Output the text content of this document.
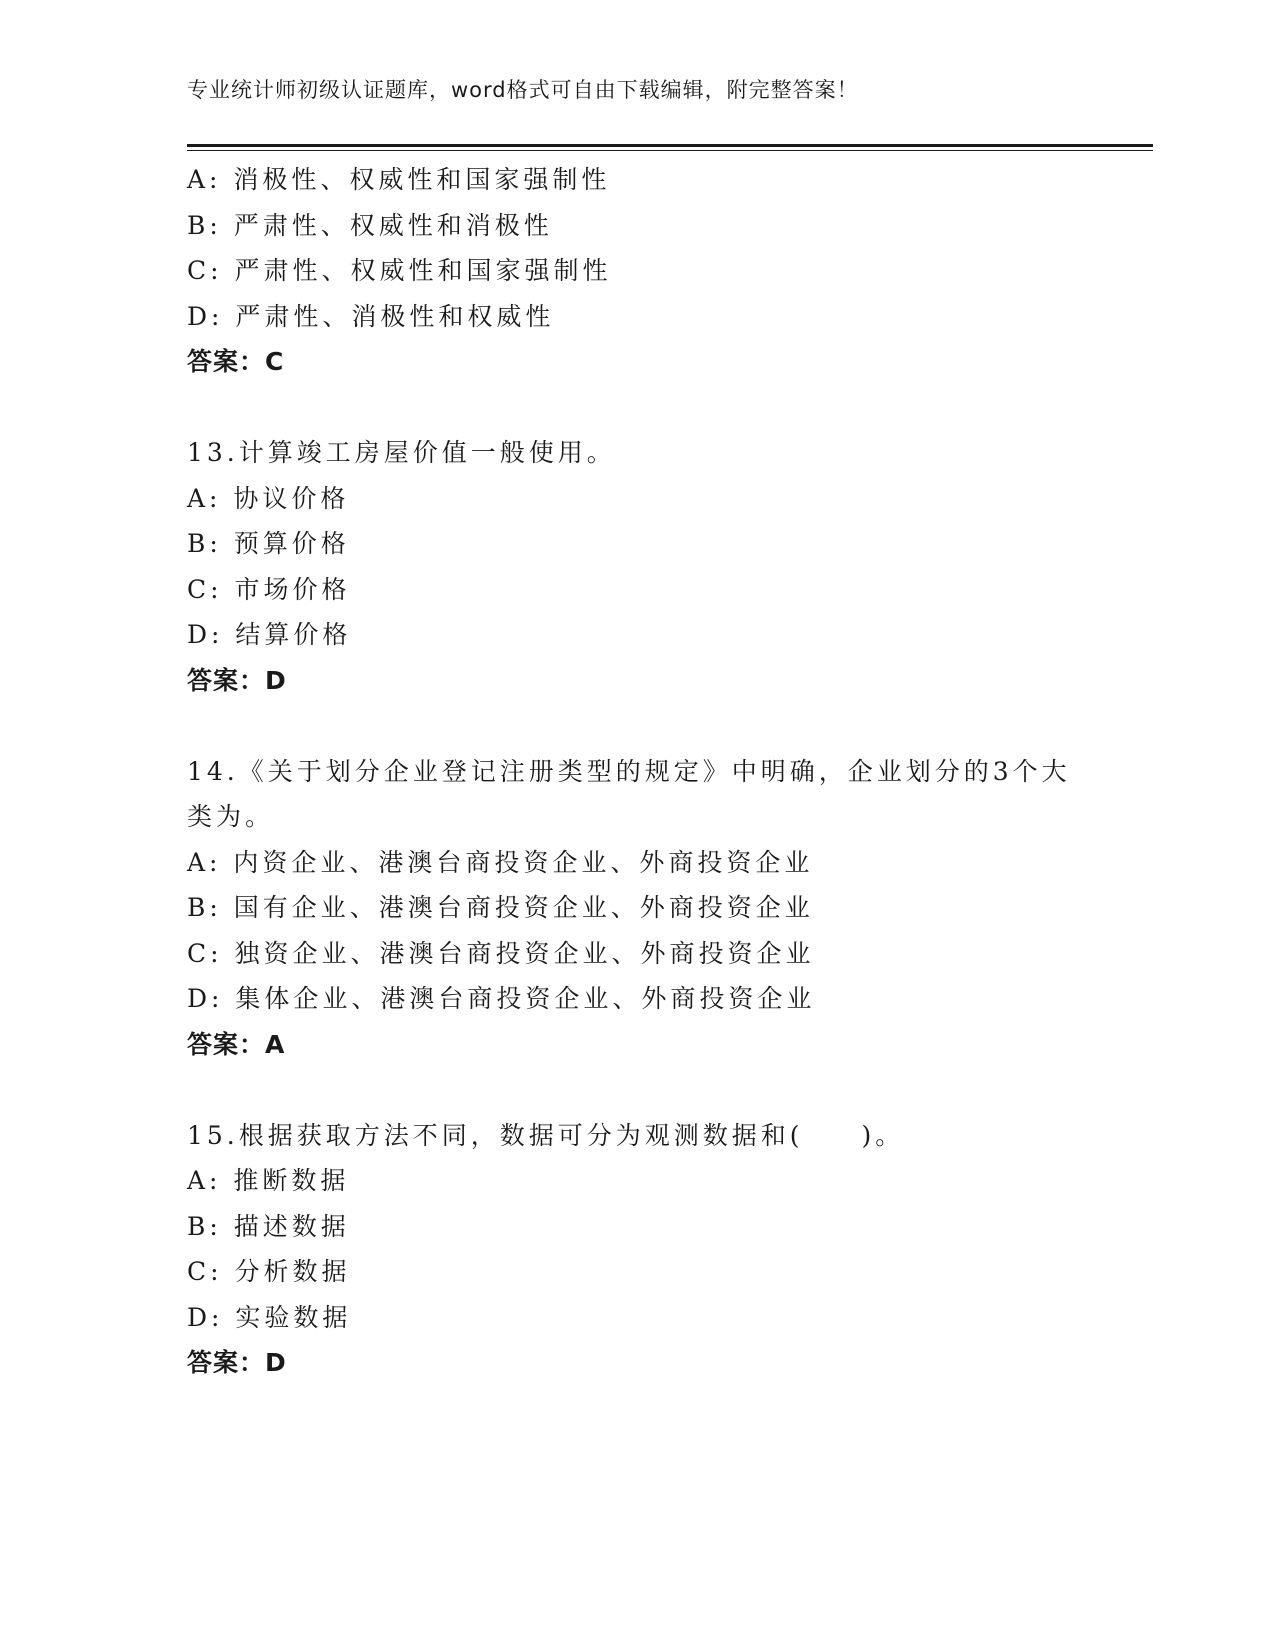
专业统计师初级认证题库，word格式可自由下载编辑，附完整答案！
A: 消极性、权威性和国家强制性
B: 严肃性、权威性和消极性
C: 严肃性、权威性和国家强制性
D: 严肃性、消极性和权威性
答案：C
13.计算竣工房屋价值一般使用。
A: 协议价格
B: 预算价格
C: 市场价格
D: 结算价格
答案：D
14.《关于划分企业登记注册类型的规定》中明确，企业划分的3个大
类为。
A: 内资企业、港澳台商投资企业、外商投资企业
B: 国有企业、港澳台商投资企业、外商投资企业
C: 独资企业、港澳台商投资企业、外商投资企业
D: 集体企业、港澳台商投资企业、外商投资企业
答案：A
15.根据获取方法不同，数据可分为观测数据和(　　)。
A: 推断数据
B: 描述数据
C: 分析数据
D: 实验数据
答案：D
